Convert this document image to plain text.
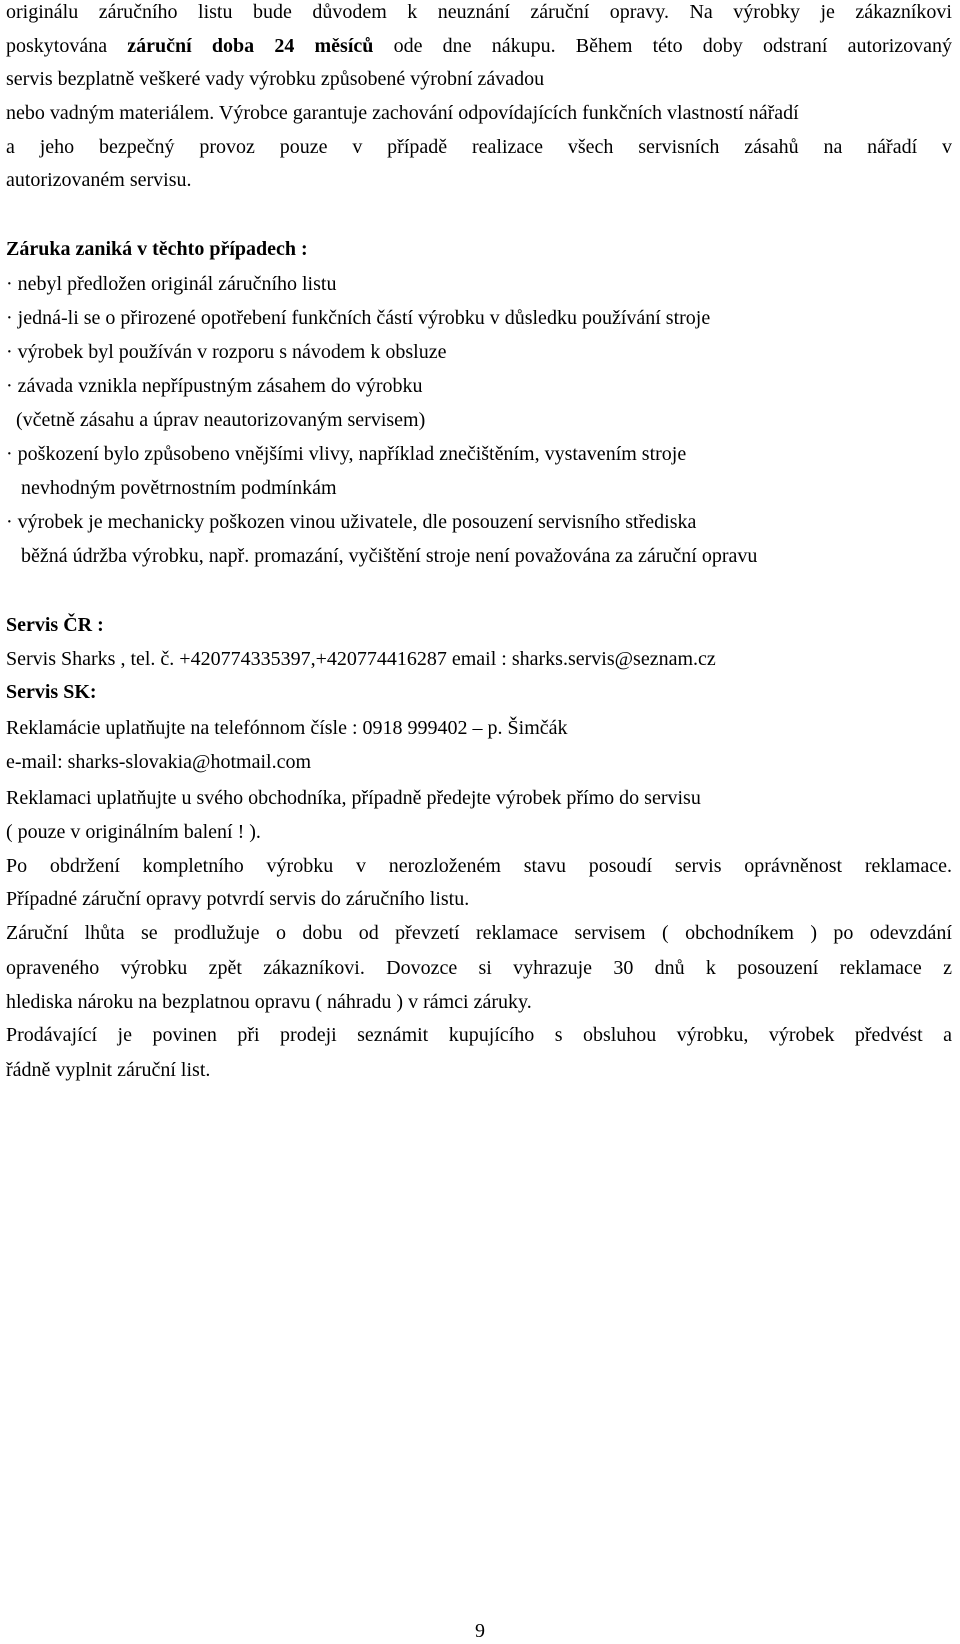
originálu záručního listu bude důvodem k neuznání záruční opravy. Na výrobky je zákazníkovi
poskytována záruční doba 24 měsíců ode dne nákupu. Během této doby odstraní autorizovaný
servis bezplatně veškeré vady výrobku způsobené výrobní závadou
nebo vadným materiálem. Výrobce garantuje zachování odpovídajících funkčních vlastností nářadí
a jeho bezpečný provoz pouze v případě realizace všech servisních zásahů na nářadí v
autorizovaném servisu.
Záruka zaniká v těchto případech :
· nebyl předložen originál záručního listu
· jedná-li se o přirozené opotřebení funkčních částí výrobku v důsledku používání stroje
· výrobek byl používán v rozporu s návodem k obsluze
· závada vznikla nepřípustným zásahem do výrobku
(včetně zásahu a úprav neautorizovaným servisem)
· poškození bylo způsobeno vnějšími vlivy, například znečištěním, vystavením stroje
nevhodným povětrnostním podmínkám
· výrobek je mechanicky poškozen vinou uživatele, dle posouzení servisního střediska
běžná údržba výrobku, např. promazání, vyčištění stroje není považována za záruční opravu
Servis ČR :
Servis Sharks , tel. č. +420774335397,+420774416287 email : sharks.servis@seznam.cz
Servis SK:
Reklamácie uplatňujte na telefónnom čísle : 0918 999402 – p. Šimčák
e-mail: sharks-slovakia@hotmail.com
Reklamaci uplatňujte u svého obchodníka, případně předejte výrobek přímo do servisu
( pouze v originálním balení ! ).
Po obdržení kompletního výrobku v nerozloženém stavu posoudí servis oprávněnost reklamace.
Případné záruční opravy potvrdí servis do záručního listu.
Záruční lhůta se prodlužuje o dobu od převzetí reklamace servisem ( obchodníkem ) po odevzdání
opraveného výrobku zpět zákazníkovi. Dovozce si vyhrazuje 30 dnů k posouzení reklamace z
hlediska nároku na bezplatnou opravu ( náhradu ) v rámci záruky.
Prodávající je povinen při prodeji seznámit kupujícího s obsluhou výrobku, výrobek předvést a
řádně vyplnit záruční list.
9
